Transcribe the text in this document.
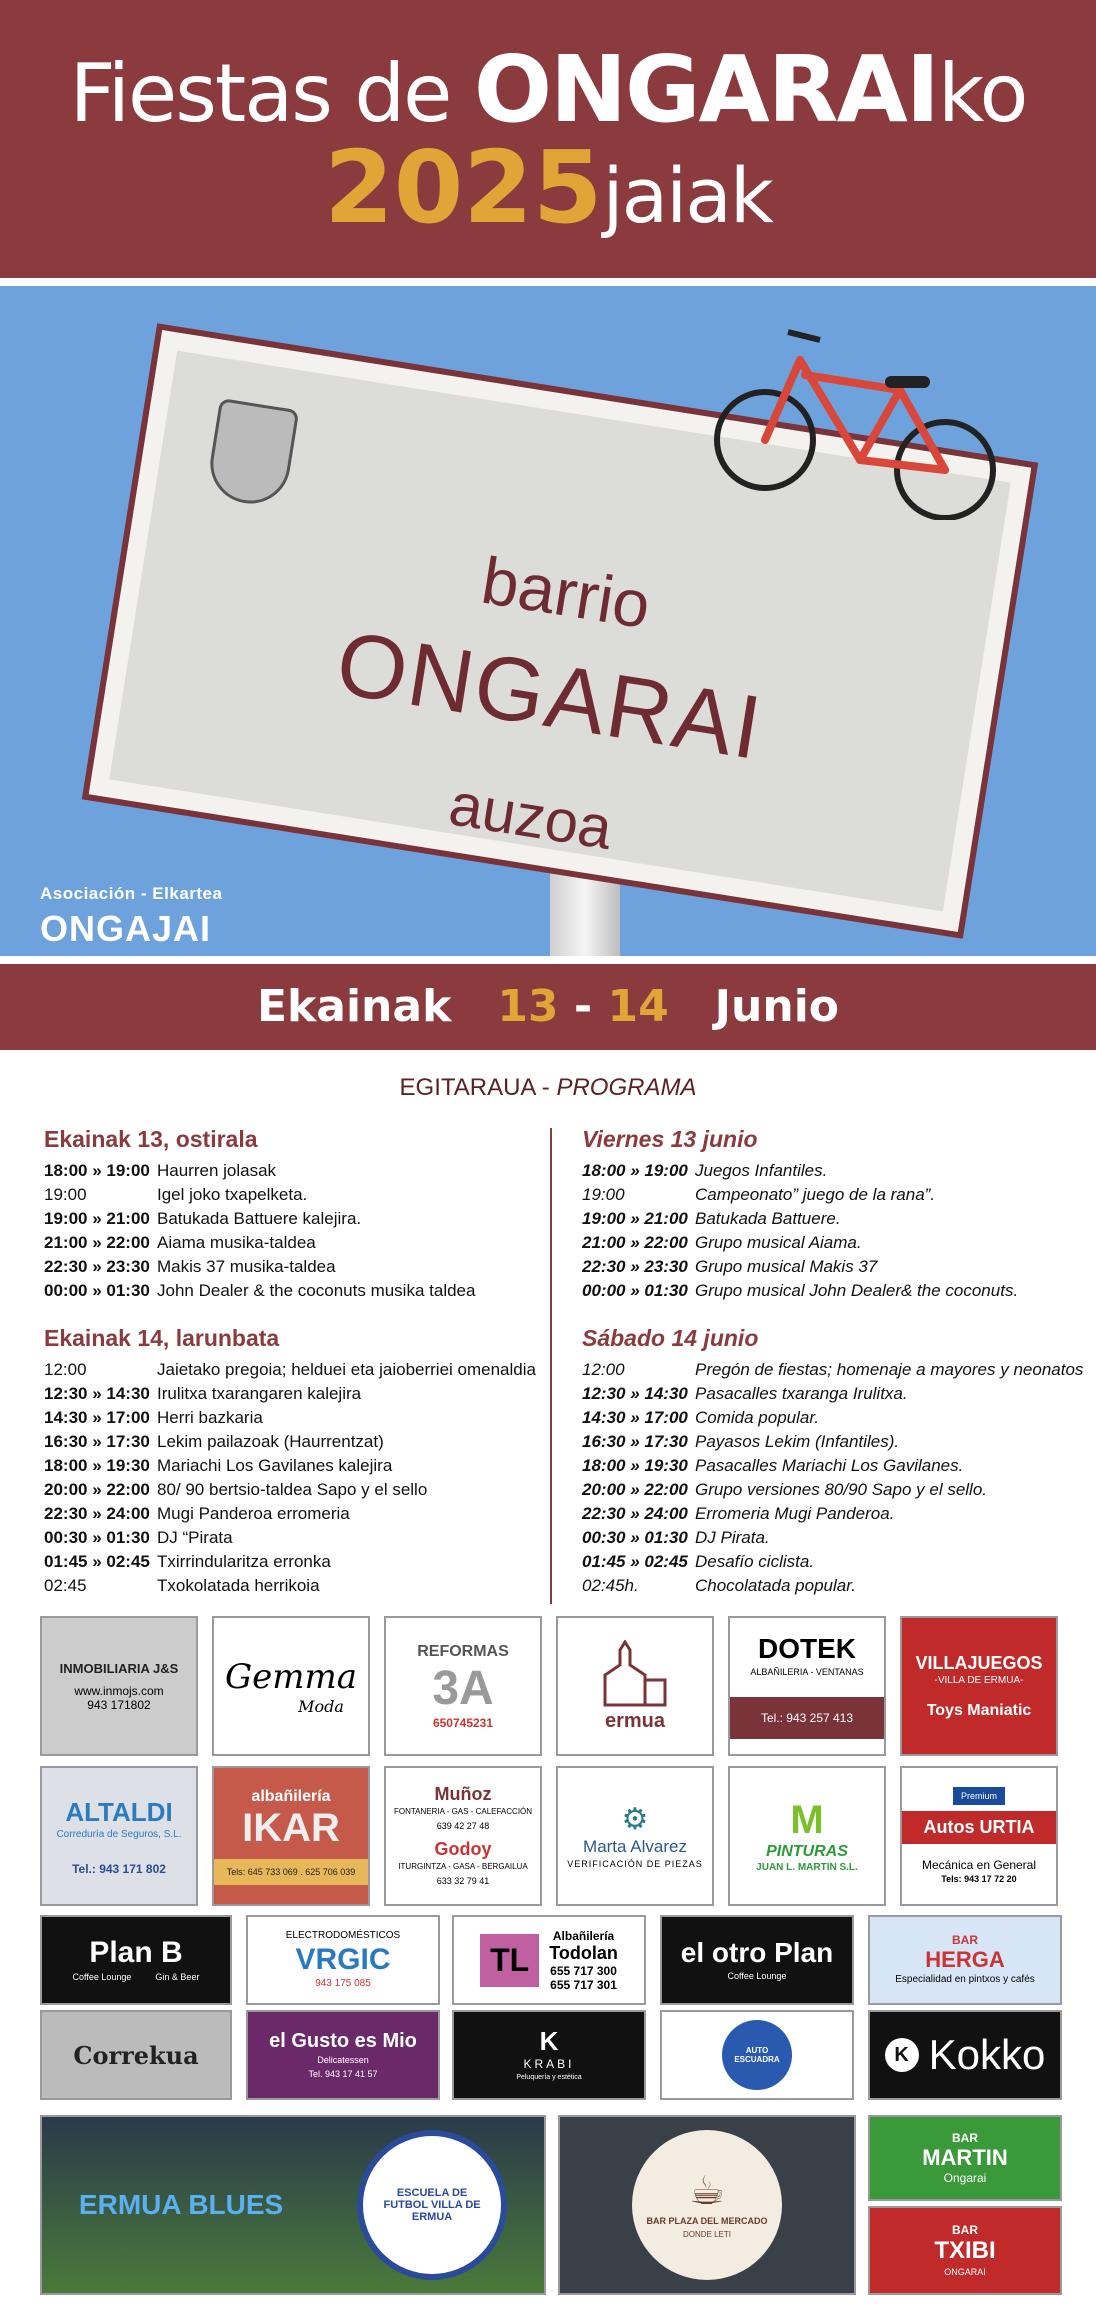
Fiestas de ONGARAIko
2025jaiak
barrio
ONGARAI
auzoa
Asociación - Elkartea
ONGAJAI
Ekainak 13 - 14 Junio
EGITARAUA - PROGRAMA
Ekainak 13, ostirala
18:00 » 19:00 Haurren jolasak
19:00	Igel joko txapelketa.
19:00 » 21:00 Batukada Battuere kalejira.
21:00 » 22:00 Aiama musika-taldea
22:30 » 23:30 Makis 37 musika-taldea
00:00 » 01:30 John Dealer & the coconuts musika taldea
Ekainak 14, larunbata
12:00	Jaietako pregoia; helduei eta jaioberriei omenaldia
12:30 » 14:30 Irulitxa txarangaren kalejira
14:30 » 17:00 Herri bazkaria
16:30 » 17:30 Lekim pailazoak (Haurrentzat)
18:00 » 19:30 Mariachi Los Gavilanes kalejira
20:00 » 22:00 80/ 90 bertsio-taldea Sapo y el sello
22:30 » 24:00 Mugi Panderoa erromeria
00:30 » 01:30 DJ “Pirata
01:45 » 02:45 Txirrindularitza erronka
02:45	Txokolatada herrikoia
Viernes 13 junio
18:00 » 19:00 Juegos Infantiles.
19:00	Campeonato” juego de la rana”.
19:00 » 21:00 Batukada Battuere.
21:00 » 22:00 Grupo musical Aiama.
22:30 » 23:30 Grupo musical Makis 37
00:00 » 01:30 Grupo musical John Dealer& the coconuts.
Sábado 14 junio
12:00	Pregón de fiestas; homenaje a mayores y neonatos
12:30 » 14:30 Pasacalles txaranga Irulitxa.
14:30 » 17:00 Comida popular.
16:30 » 17:30 Payasos Lekim (Infantiles).
18:00 » 19:30 Pasacalles Mariachi Los Gavilanes.
20:00 » 22:00 Grupo versiones 80/90 Sapo y el sello.
22:30 » 24:00 Erromeria Mugi Panderoa.
00:30 » 01:30 DJ Pirata.
01:45 » 02:45 Desafío ciclista.
02:45h.	Chocolatada popular.
INMOBILIARIA J&S
www.inmojs.com
943 171802
Gemma
Moda
REFORMAS
3A
650745231	ermua
DOTEK
ALBAÑILERIA - VENTANAS
Tel.: 943 257 413
VILLAJUEGOS
-VILLA DE ERMUA-
Toys Maniatic
ALTALDI
Correduría de Seguros, S.L.
Tel.: 943 171 802
albañilería
IKAR
Tels: 645 733 069 . 625 706 039
Muñoz
FONTANERIA - GAS - CALEFACCIÓN
639 42 27 48
Godoy
ITURGINTZA - GASA - BERGAILUA
633 32 79 41
⚙︎
Marta Alvarez
VERIFICACIÓN DE PIEZAS
M
PINTURAS
JUAN L. MARTIN S.L.
Premium
Autos URTIA
Mecánica en General
Tels: 943 17 72 20
Plan B
Coffee Lounge	Gin & Beer
ELECTRODOMÉSTICOS
VRGIC
943 175 085
TL
Albañilería
Todolan
655 717 300
655 717 301
el otro Plan
Coffee Lounge
BAR
HERGA
Especialidad en pintxos y cafés
Correkua	el Gusto es Mio
Delicatessen
Tel. 943 17 41 57
K
KRABI
Peluquería y estética
AUTO ESCUADRA	K Kokko
ERMUA BLUES	ESCUELA DE FUTBOL VILLA DE ERMUA
☕︎
BAR PLAZA DEL MERCADO
DONDE LETI
BAR
MARTIN
Ongarai
BAR
TXIBI
ONGARAI
